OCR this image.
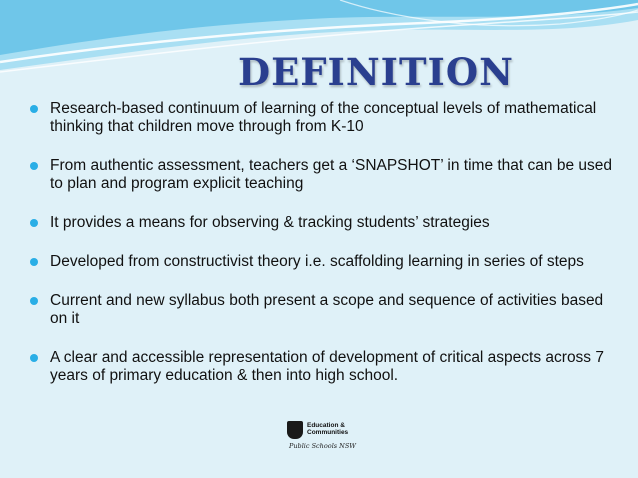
DEFINITION
Research-based continuum of learning of the conceptual levels of mathematical thinking that children move through from K-10
From authentic assessment, teachers get a ‘SNAPSHOT’ in time that can be used to plan and program explicit teaching
It provides a means for observing & tracking students’ strategies
Developed from constructivist theory i.e. scaffolding learning in series of steps
Current and new syllabus both present a scope and sequence of activities based on it
A clear and accessible representation of development of critical aspects across 7 years of primary education & then into high school.
Education & Communities
Public Schools NSW
